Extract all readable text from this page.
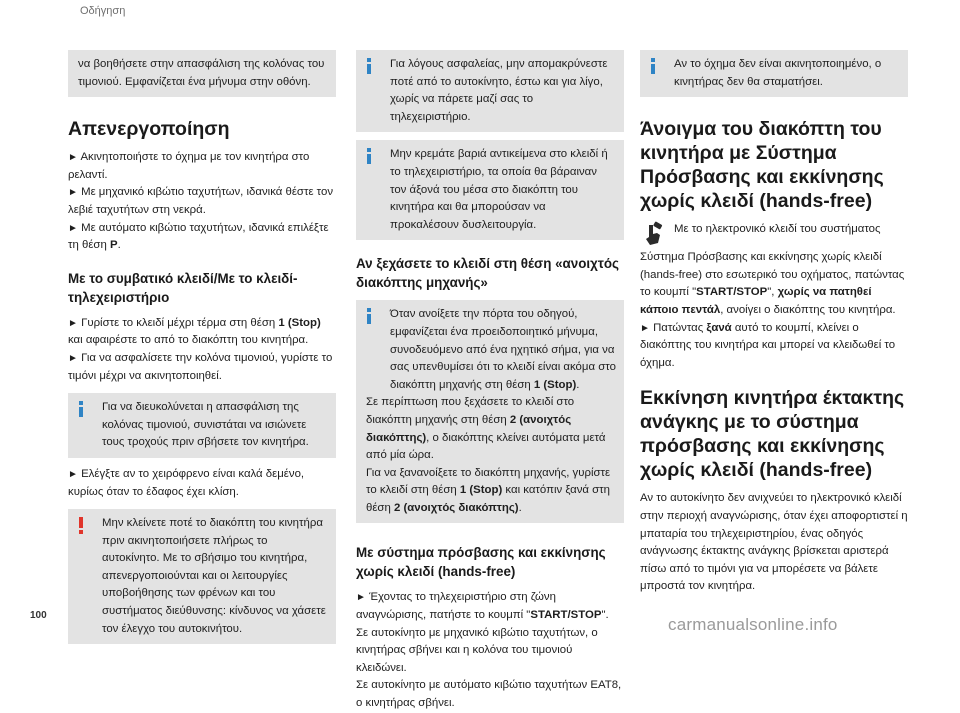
Οδήγηση

να βοηθήσετε στην απασφάλιση της κολόνας του τιμονιού. Εμφανίζεται ένα μήνυμα στην οθόνη.

Απενεργοποίηση

► Ακινητοποιήστε το όχημα με τον κινητήρα στο ρελαντί.

► Με μηχανικό κιβώτιο ταχυτήτων, ιδανικά θέστε τον λεβιέ ταχυτήτων στη νεκρά.

► Με αυτόματο κιβώτιο ταχυτήτων, ιδανικά επιλέξτε τη θέση P.

Με το συμβατικό κλειδί/Με το κλειδί-τηλεχειριστήριο

► Γυρίστε το κλειδί μέχρι τέρμα στη θέση 1 (Stop) και αφαιρέστε το από το διακόπτη του κινητήρα.

► Για να ασφαλίσετε την κολόνα τιμονιού, γυρίστε το τιμόνι μέχρι να ακινητοποιηθεί.

Για να διευκολύνεται η απασφάλιση της κολόνας τιμονιού, συνιστάται να ισιώνετε τους τροχούς πριν σβήσετε τον κινητήρα.

► Ελέγξτε αν το χειρόφρενο είναι καλά δεμένο, κυρίως όταν το έδαφος έχει κλίση.

Μην κλείνετε ποτέ το διακόπτη του κινητήρα πριν ακινητοποιήσετε πλήρως το αυτοκίνητο. Με το σβήσιμο του κινητήρα, απενεργοποιούνται και οι λειτουργίες υποβοήθησης των φρένων και του συστήματος διεύθυνσης: κίνδυνος να χάσετε τον έλεγχο του αυτοκινήτου.

Για λόγους ασφαλείας, μην απομακρύνεστε ποτέ από το αυτοκίνητο, έστω και για λίγο, χωρίς να πάρετε μαζί σας το τηλεχειριστήριο.

Μην κρεμάτε βαριά αντικείμενα στο κλειδί ή το τηλεχειριστήριο, τα οποία θα βάραιναν τον άξονά του μέσα στο διακόπτη του κινητήρα και θα μπορούσαν να προκαλέσουν δυσλειτουργία.

Αν ξεχάσετε το κλειδί στη θέση «ανοιχτός διακόπτης μηχανής»

Όταν ανοίξετε την πόρτα του οδηγού, εμφανίζεται ένα προειδοποιητικό μήνυμα, συνοδευόμενο από ένα ηχητικό σήμα, για να σας υπενθυμίσει ότι το κλειδί είναι ακόμα στο διακόπτη μηχανής στη θέση 1 (Stop).

Σε περίπτωση που ξεχάσετε το κλειδί στο διακόπτη μηχανής στη θέση 2 (ανοιχτός διακόπτης), ο διακόπτης κλείνει αυτόματα μετά από μία ώρα.

Για να ξανανοίξετε το διακόπτη μηχανής, γυρίστε το κλειδί στη θέση 1 (Stop) και κατόπιν ξανά στη θέση 2 (ανοιχτός διακόπτης).

Με σύστημα πρόσβασης και εκκίνησης χωρίς κλειδί (hands-free)

► Έχοντας το τηλεχειριστήριο στη ζώνη αναγνώρισης, πατήστε το κουμπί "START/STOP".

Σε αυτοκίνητο με μηχανικό κιβώτιο ταχυτήτων, ο κινητήρας σβήνει και η κολόνα του τιμονιού κλειδώνει.

Σε αυτοκίνητο με αυτόματο κιβώτιο ταχυτήτων EAT8, ο κινητήρας σβήνει.

Αν το όχημα δεν είναι ακινητοποιημένο, ο κινητήρας δεν θα σταματήσει.

Άνοιγμα του διακόπτη του κινητήρα με Σύστημα Πρόσβασης και εκκίνησης χωρίς κλειδί (hands-free)

Με το ηλεκτρονικό κλειδί του συστήματος Σύστημα Πρόσβασης και εκκίνησης χωρίς κλειδί (hands-free) στο εσωτερικό του οχήματος, πατώντας το κουμπί "START/STOP", χωρίς να πατηθεί κάποιο πεντάλ, ανοίγει ο διακόπτης του κινητήρα.

► Πατώντας ξανά αυτό το κουμπί, κλείνει ο διακόπτης του κινητήρα και μπορεί να κλειδωθεί το όχημα.

Εκκίνηση κινητήρα έκτακτης ανάγκης με το σύστημα πρόσβασης και εκκίνησης χωρίς κλειδί (hands-free)

Αν το αυτοκίνητο δεν ανιχνεύει το ηλεκτρονικό κλειδί στην περιοχή αναγνώρισης, όταν έχει αποφορτιστεί η μπαταρία του τηλεχειριστηρίου, ένας οδηγός ανάγνωσης έκτακτης ανάγκης βρίσκεται αριστερά πίσω από το τιμόνι για να μπορέσετε να βάλετε μπροστά τον κινητήρα.

100	carmanualsonline.info
